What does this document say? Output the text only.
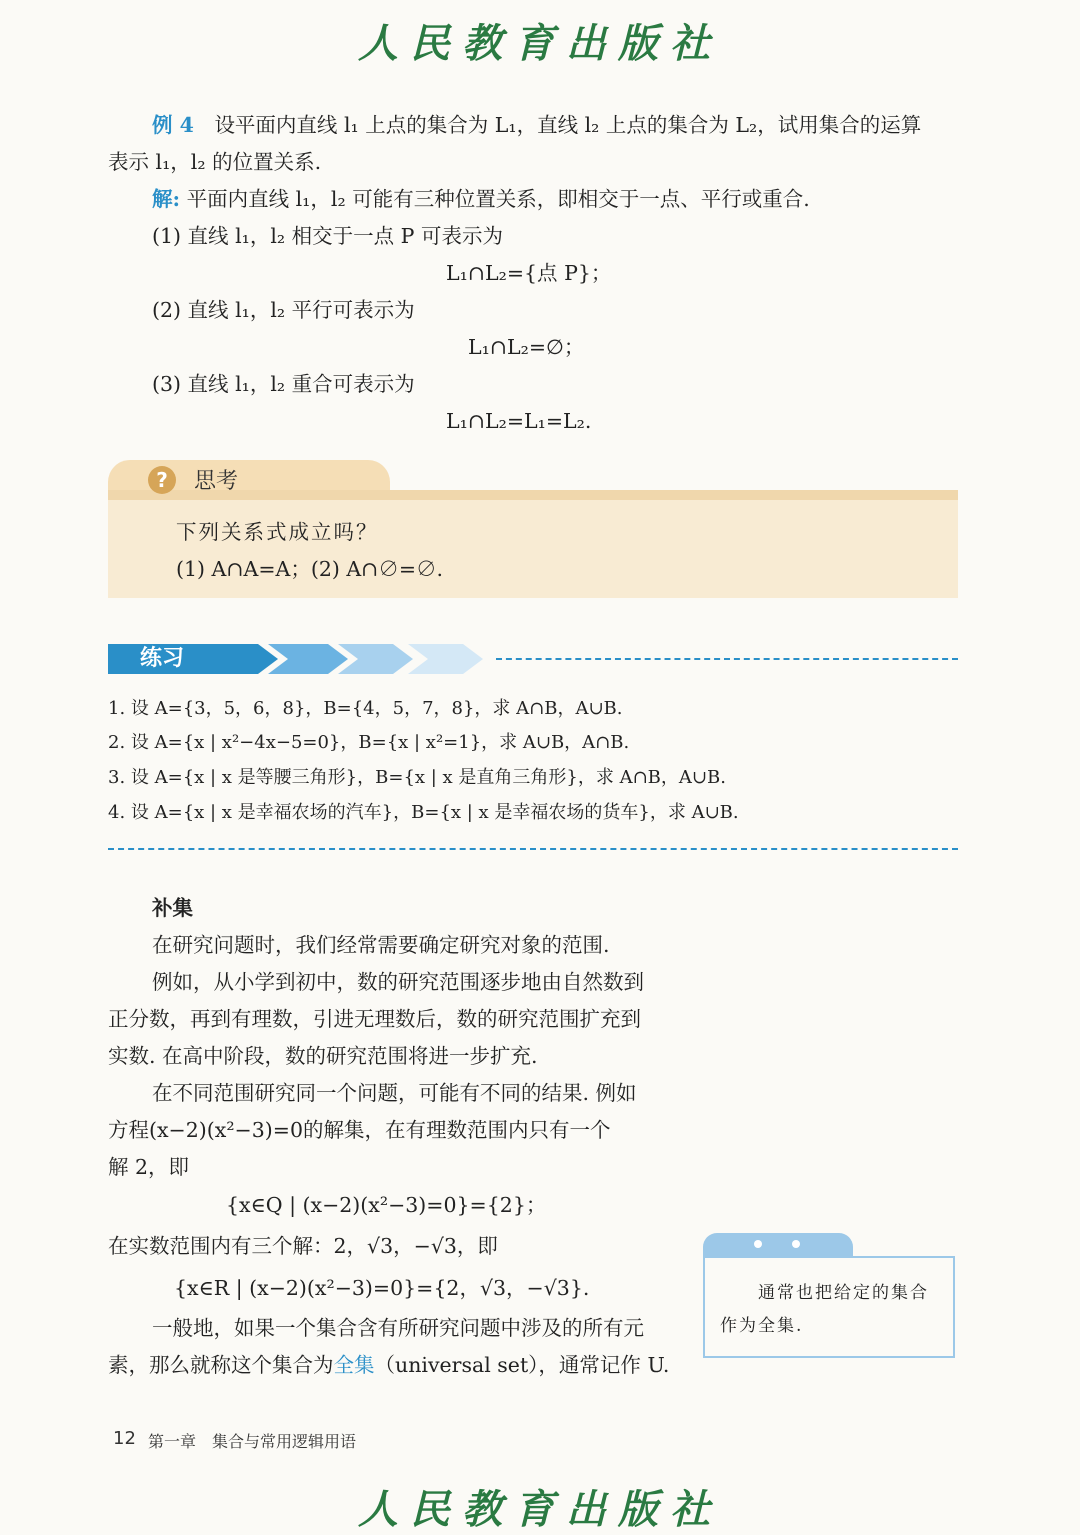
人民教育出版社
例 4 设平面内直线 l₁ 上点的集合为 L₁，直线 l₂ 上点的集合为 L₂，试用集合的运算
表示 l₁，l₂ 的位置关系.
解: 平面内直线 l₁，l₂ 可能有三种位置关系，即相交于一点、平行或重合.
(1) 直线 l₁，l₂ 相交于一点 P 可表示为
L₁∩L₂={点 P}；
(2) 直线 l₁，l₂ 平行可表示为
L₁∩L₂=∅；
(3) 直线 l₁，l₂ 重合可表示为
L₁∩L₂=L₁=L₂.
?	思考
下列关系式成立吗？
(1) A∩A=A；(2) A∩∅=∅.
练习
1. 设 A={3，5，6，8}，B={4，5，7，8}，求 A∩B，A∪B.
2. 设 A={x | x²−4x−5=0}，B={x | x²=1}，求 A∪B，A∩B.
3. 设 A={x | x 是等腰三角形}，B={x | x 是直角三角形}，求 A∩B，A∪B.
4. 设 A={x | x 是幸福农场的汽车}，B={x | x 是幸福农场的货车}，求 A∪B.
补集
在研究问题时，我们经常需要确定研究对象的范围.
例如，从小学到初中，数的研究范围逐步地由自然数到
正分数，再到有理数，引进无理数后，数的研究范围扩充到
实数. 在高中阶段，数的研究范围将进一步扩充.
在不同范围研究同一个问题，可能有不同的结果. 例如
方程(x−2)(x²−3)=0的解集，在有理数范围内只有一个
解 2，即
{x∈Q | (x−2)(x²−3)=0}={2}；
在实数范围内有三个解：2，√3，−√3，即
{x∈R | (x−2)(x²−3)=0}={2，√3，−√3}.
一般地，如果一个集合含有所研究问题中涉及的所有元
素，那么就称这个集合为全集（universal set），通常记作 U.
通常也把给定的集合
作为全集.
12 第一章　集合与常用逻辑用语
人民教育出版社
